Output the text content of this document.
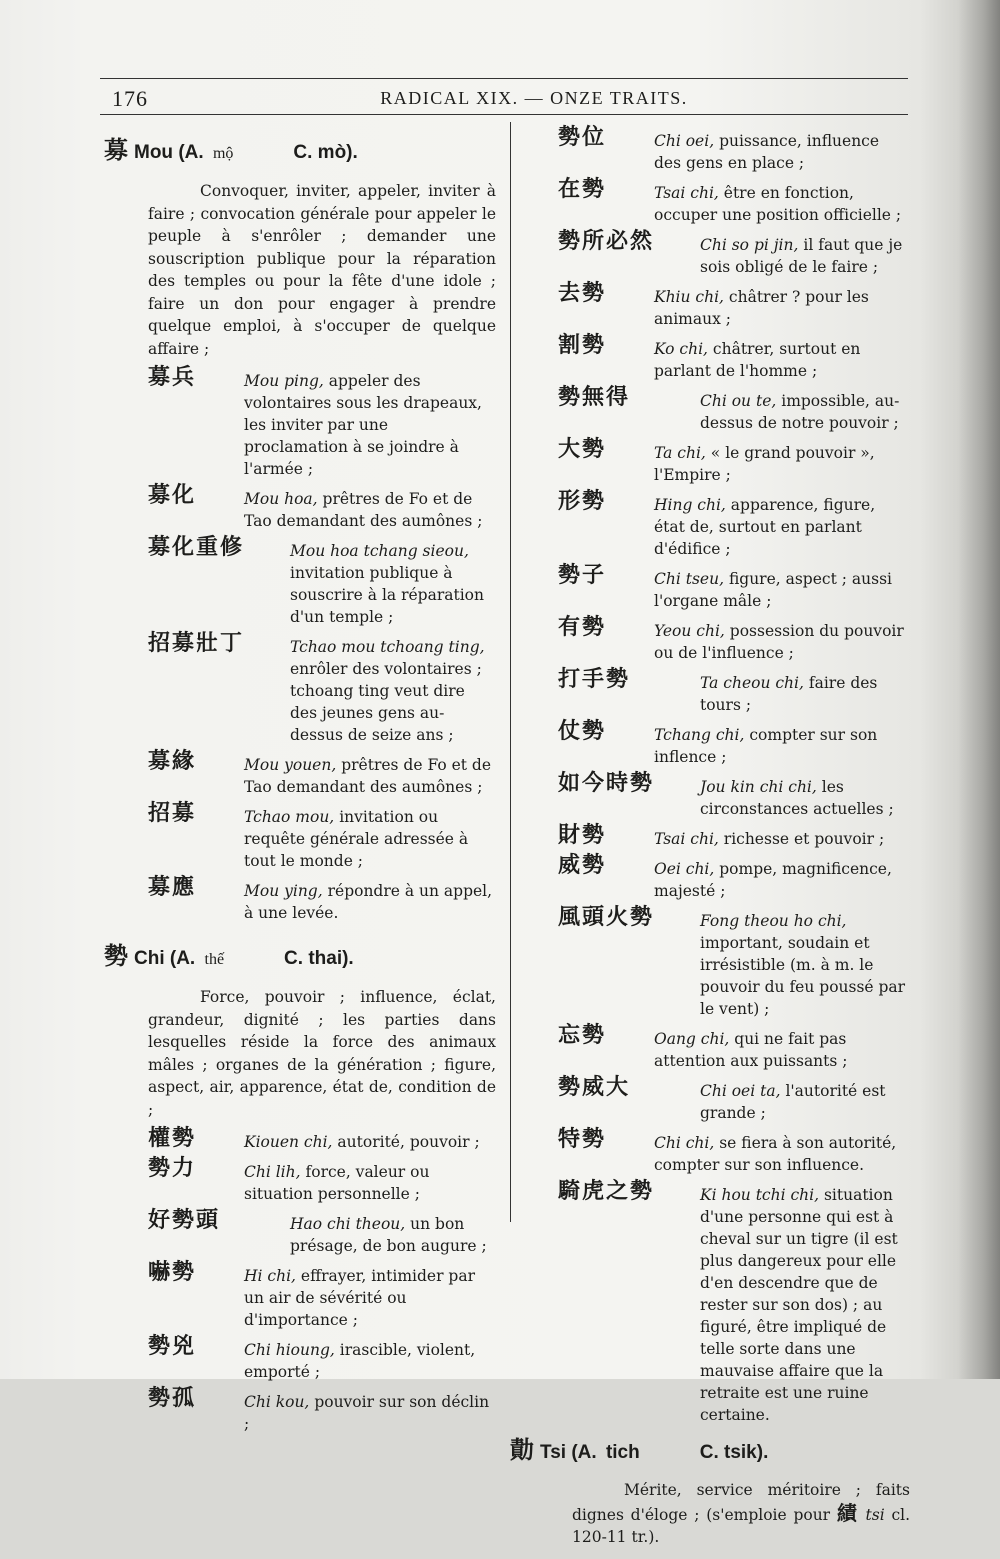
176	RADICAL XIX. — ONZE TRAITS.
募 Mou (A. mộ	C. mò).

Convoquer, inviter, appeler, inviter à faire ; convocation générale pour appeler le peuple à s'enrôler ; demander une souscription publique pour la réparation des temples ou pour la fête d'une idole ; faire un don pour engager à prendre quelque emploi, à s'occuper de quelque affaire ;

募兵	Mou ping, appeler des volontaires sous les drapeaux, les inviter par une proclamation à se joindre à l'armée ;
募化	Mou hoa, prêtres de Fo et de Tao demandant des aumônes ;
募化重修	Mou hoa tchang sieou, invitation publique à souscrire à la réparation d'un temple ;
招募壯丁	Tchao mou tchoang ting, enrôler des volontaires ; tchoang ting veut dire des jeunes gens au-dessus de seize ans ;
募緣	Mou youen, prêtres de Fo et de Tao demandant des aumônes ;
招募	Tchao mou, invitation ou requête générale adressée à tout le monde ;
募應	Mou ying, répondre à un appel, à une levée.
勢 Chi (A. thế	C. thai).

Force, pouvoir ; influence, éclat, grandeur, dignité ; les parties dans lesquelles réside la force des animaux mâles ; organes de la génération ; figure, aspect, air, apparence, état de, condition de ;

權勢	Kiouen chi, autorité, pouvoir ;
勢力	Chi lih, force, valeur ou situation personnelle ;
好勢頭	Hao chi theou, un bon présage, de bon augure ;
嚇勢	Hi chi, effrayer, intimider par un air de sévérité ou d'importance ;
勢兇	Chi hioung, irascible, violent, emporté ;
勢孤	Chi kou, pouvoir sur son déclin ;
勢位	Chi oei, puissance, influence des gens en place ;
在勢	Tsai chi, être en fonction, occuper une position officielle ;
勢所必然	Chi so pi jin, il faut que je sois obligé de le faire ;
去勢	Khiu chi, châtrer ? pour les animaux ;
割勢	Ko chi, châtrer, surtout en parlant de l'homme ;
勢無得	Chi ou te, impossible, au-dessus de notre pouvoir ;
大勢	Ta chi, « le grand pouvoir », l'Empire ;
形勢	Hing chi, apparence, figure, état de, surtout en parlant d'édifice ;
勢子	Chi tseu, figure, aspect ; aussi l'organe mâle ;
有勢	Yeou chi, possession du pouvoir ou de l'influence ;
打手勢	Ta cheou chi, faire des tours ;
仗勢	Tchang chi, compter sur son inflence ;
如今時勢	Jou kin chi chi, les circonstances actuelles ;
財勢	Tsai chi, richesse et pouvoir ;
威勢	Oei chi, pompe, magnificence, majesté ;
風頭火勢	Fong theou ho chi, important, soudain et irrésistible (m. à m. le pouvoir du feu poussé par le vent) ;
忘勢	Oang chi, qui ne fait pas attention aux puissants ;
勢威大	Chi oei ta, l'autorité est grande ;
特勢	Chi chi, se fiera à son autorité, compter sur son influence.
騎虎之勢	Ki hou tchi chi, situation d'une personne qui est à cheval sur un tigre (il est plus dangereux pour elle d'en descendre que de rester sur son dos) ; au figuré, être impliqué de telle sorte dans une mauvaise affaire que la retraite est une ruine certaine.
勣 Tsi (A. tich	C. tsik).

Mérite, service méritoire ; faits dignes d'éloge ; (s'emploie pour 績 tsi cl. 120-11 tr.).
